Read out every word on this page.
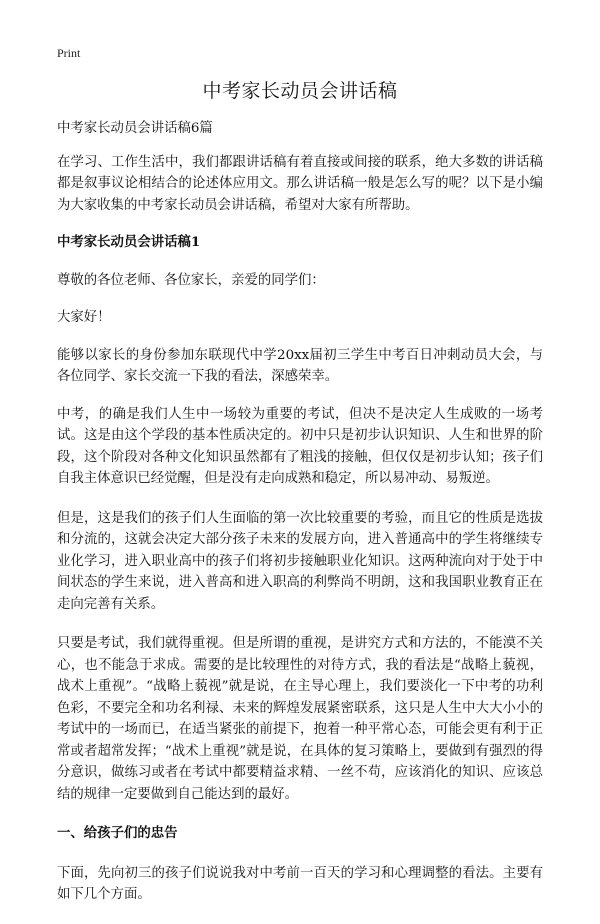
Print
中考家长动员会讲话稿

中考家长动员会讲话稿6篇

在学习、工作生活中，我们都跟讲话稿有着直接或间接的联系，绝大多数的讲话稿都是叙事议论相结合的论述体应用文。那么讲话稿一般是怎么写的呢？以下是小编为大家收集的中考家长动员会讲话稿，希望对大家有所帮助。

中考家长动员会讲话稿1

尊敬的各位老师、各位家长，亲爱的同学们：

大家好！

能够以家长的身份参加东联现代中学20xx届初三学生中考百日冲刺动员大会，与各位同学、家长交流一下我的看法，深感荣幸。

中考，的确是我们人生中一场较为重要的考试，但决不是决定人生成败的一场考试。这是由这个学段的基本性质决定的。初中只是初步认识知识、人生和世界的阶段，这个阶段对各种文化知识虽然都有了粗浅的接触，但仅仅是初步认知；孩子们自我主体意识已经觉醒，但是没有走向成熟和稳定，所以易冲动、易叛逆。

但是，这是我们的孩子们人生面临的第一次比较重要的考验，而且它的性质是选拔和分流的，这就会决定大部分孩子未来的发展方向，进入普通高中的学生将继续专业化学习，进入职业高中的孩子们将初步接触职业化知识。这两种流向对于处于中间状态的学生来说，进入普高和进入职高的利弊尚不明朗，这和我国职业教育正在走向完善有关系。

只要是考试，我们就得重视。但是所谓的重视，是讲究方式和方法的，不能漠不关心，也不能急于求成。需要的是比较理性的对待方式，我的看法是“战略上藐视，战术上重视”。“战略上藐视”就是说，在主导心理上，我们要淡化一下中考的功利色彩，不要完全和功名利禄、未来的辉煌发展紧密联系，这只是人生中大大小小的考试中的一场而已，在适当紧张的前提下，抱着一种平常心态，可能会更有利于正常或者超常发挥；“战术上重视”就是说，在具体的复习策略上，要做到有强烈的得分意识，做练习或者在考试中都要精益求精、一丝不苟，应该消化的知识、应该总结的规律一定要做到自己能达到的最好。

一、给孩子们的忠告

下面，先向初三的孩子们说说我对中考前一百天的学习和心理调整的看法。主要有如下几个方面。
